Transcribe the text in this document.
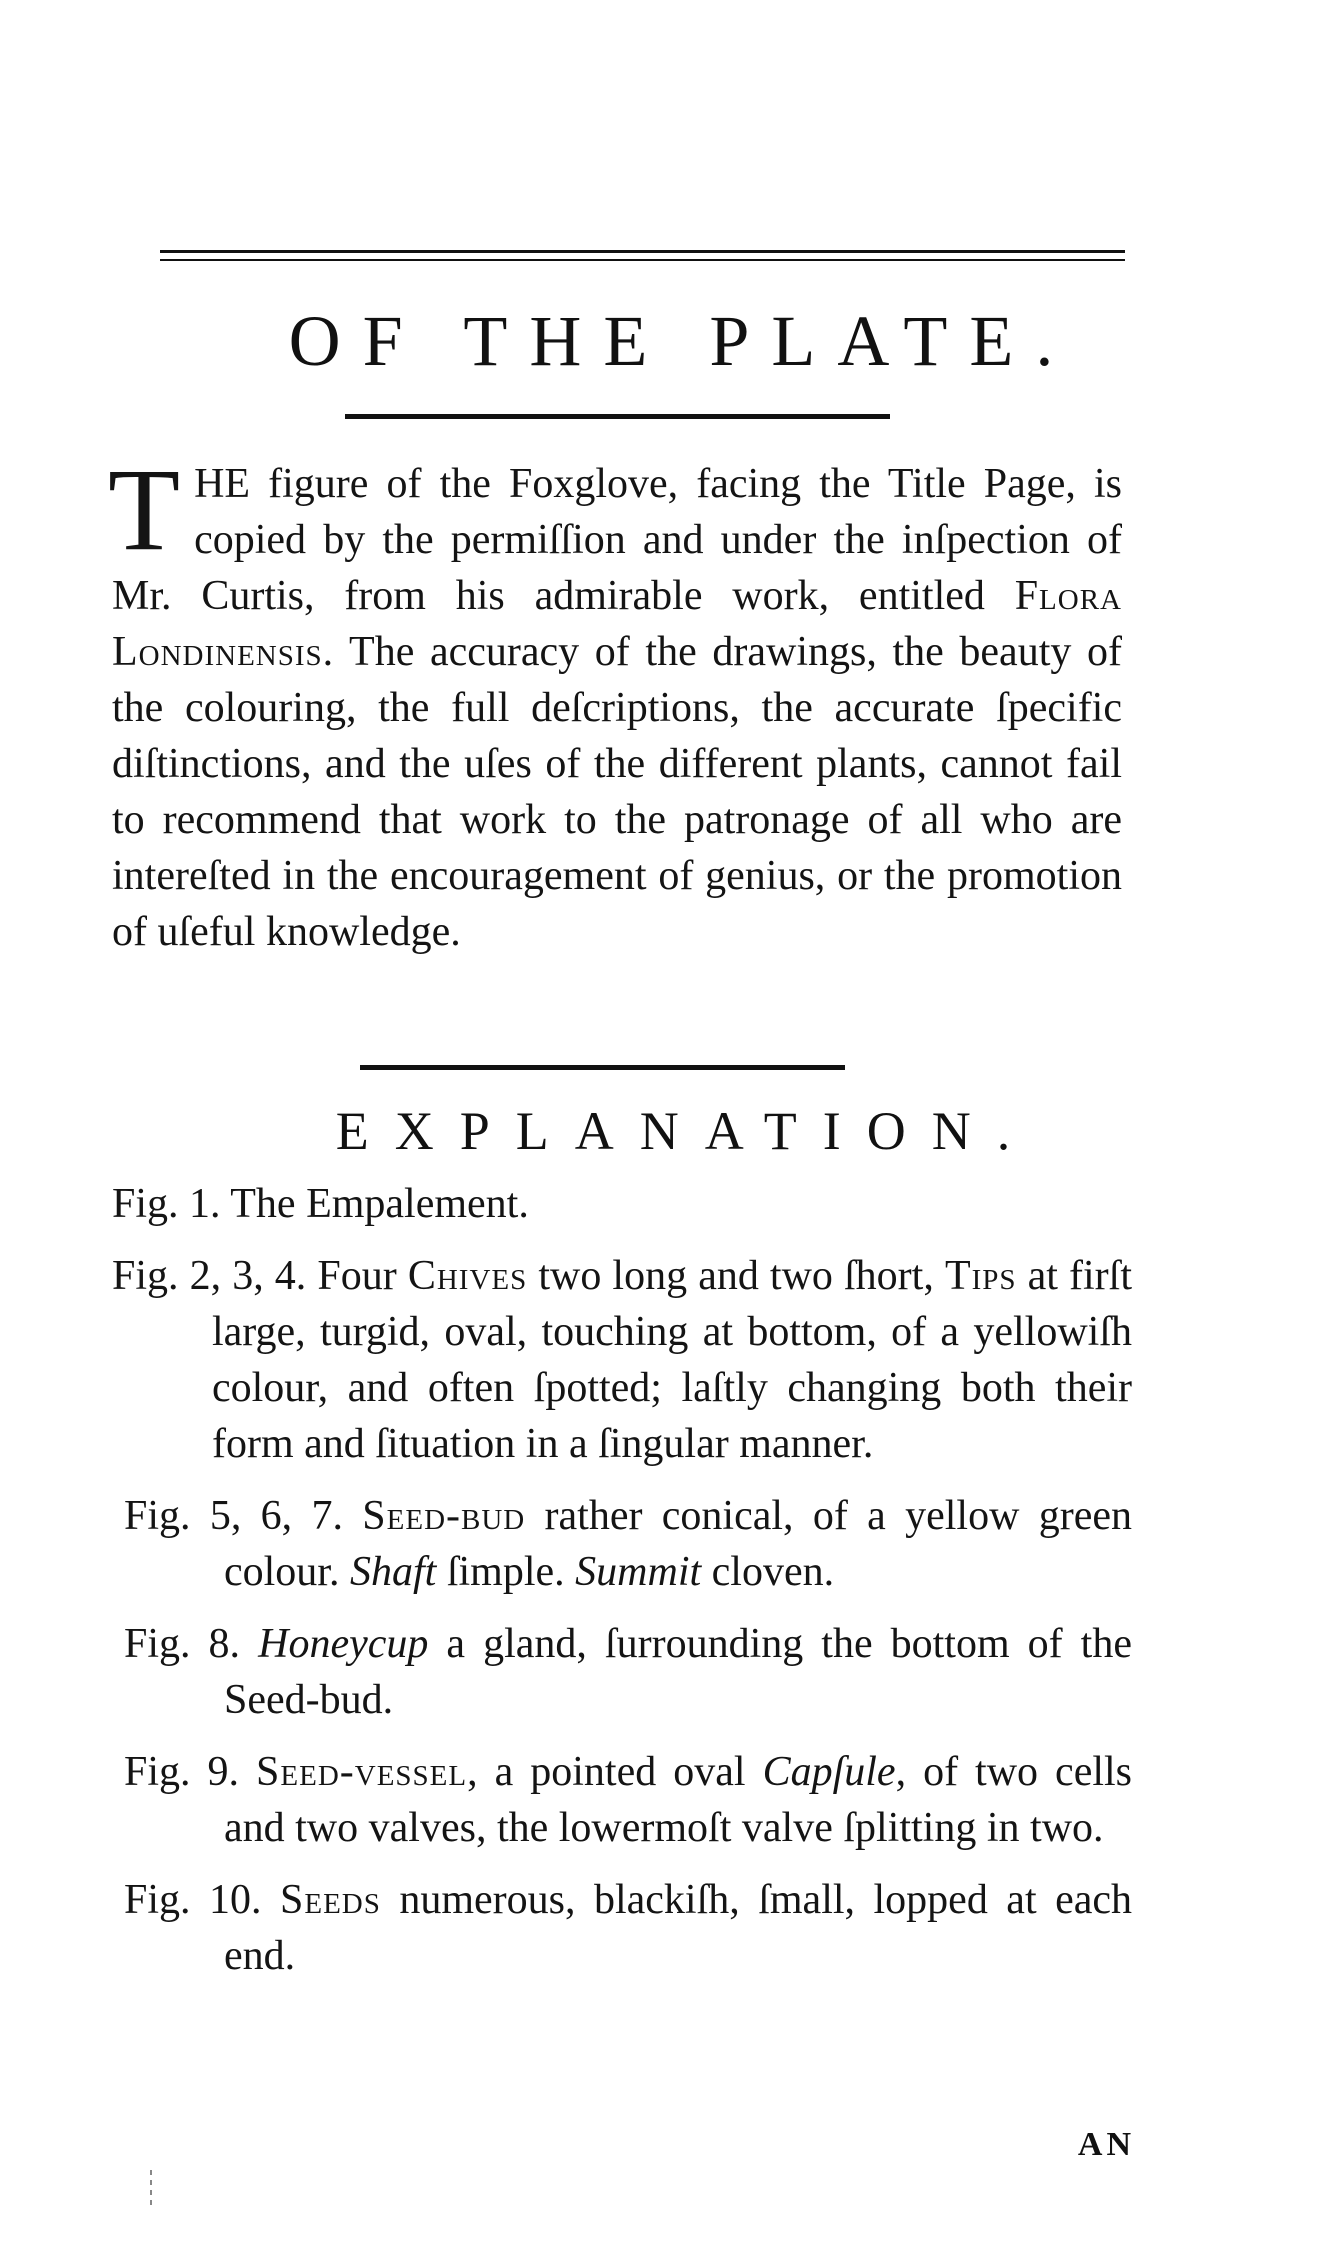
OF THE PLATE.

THE figure of the Foxglove, facing the Title Page, is copied by the permiſſion and under the inſpection of Mr. Curtis, from his admirable work, entitled Flora Londinensis. The accuracy of the drawings, the beauty of the colouring, the full deſcriptions, the accurate ſpecific diſtinctions, and the uſes of the different plants, cannot fail to recommend that work to the patronage of all who are intereſted in the encouragement of genius, or the promotion of uſeful knowledge.

EXPLANATION.
Fig. 1. The Empalement.
Fig. 2, 3, 4. Four Chives two long and two ſhort, Tips at firſt large, turgid, oval, touching at bottom, of a yellowiſh colour, and often ſpotted; laſtly changing both their form and ſituation in a ſingular manner.
Fig. 5, 6, 7. Seed-bud rather conical, of a yellow green colour. Shaft ſimple. Summit cloven.
Fig. 8. Honeycup a gland, ſurrounding the bottom of the Seed-bud.
Fig. 9. Seed-vessel, a pointed oval Capſule, of two cells and two valves, the lowermoſt valve ſplitting in two.
Fig. 10. Seeds numerous, blackiſh, ſmall, lopped at each end.
AN
